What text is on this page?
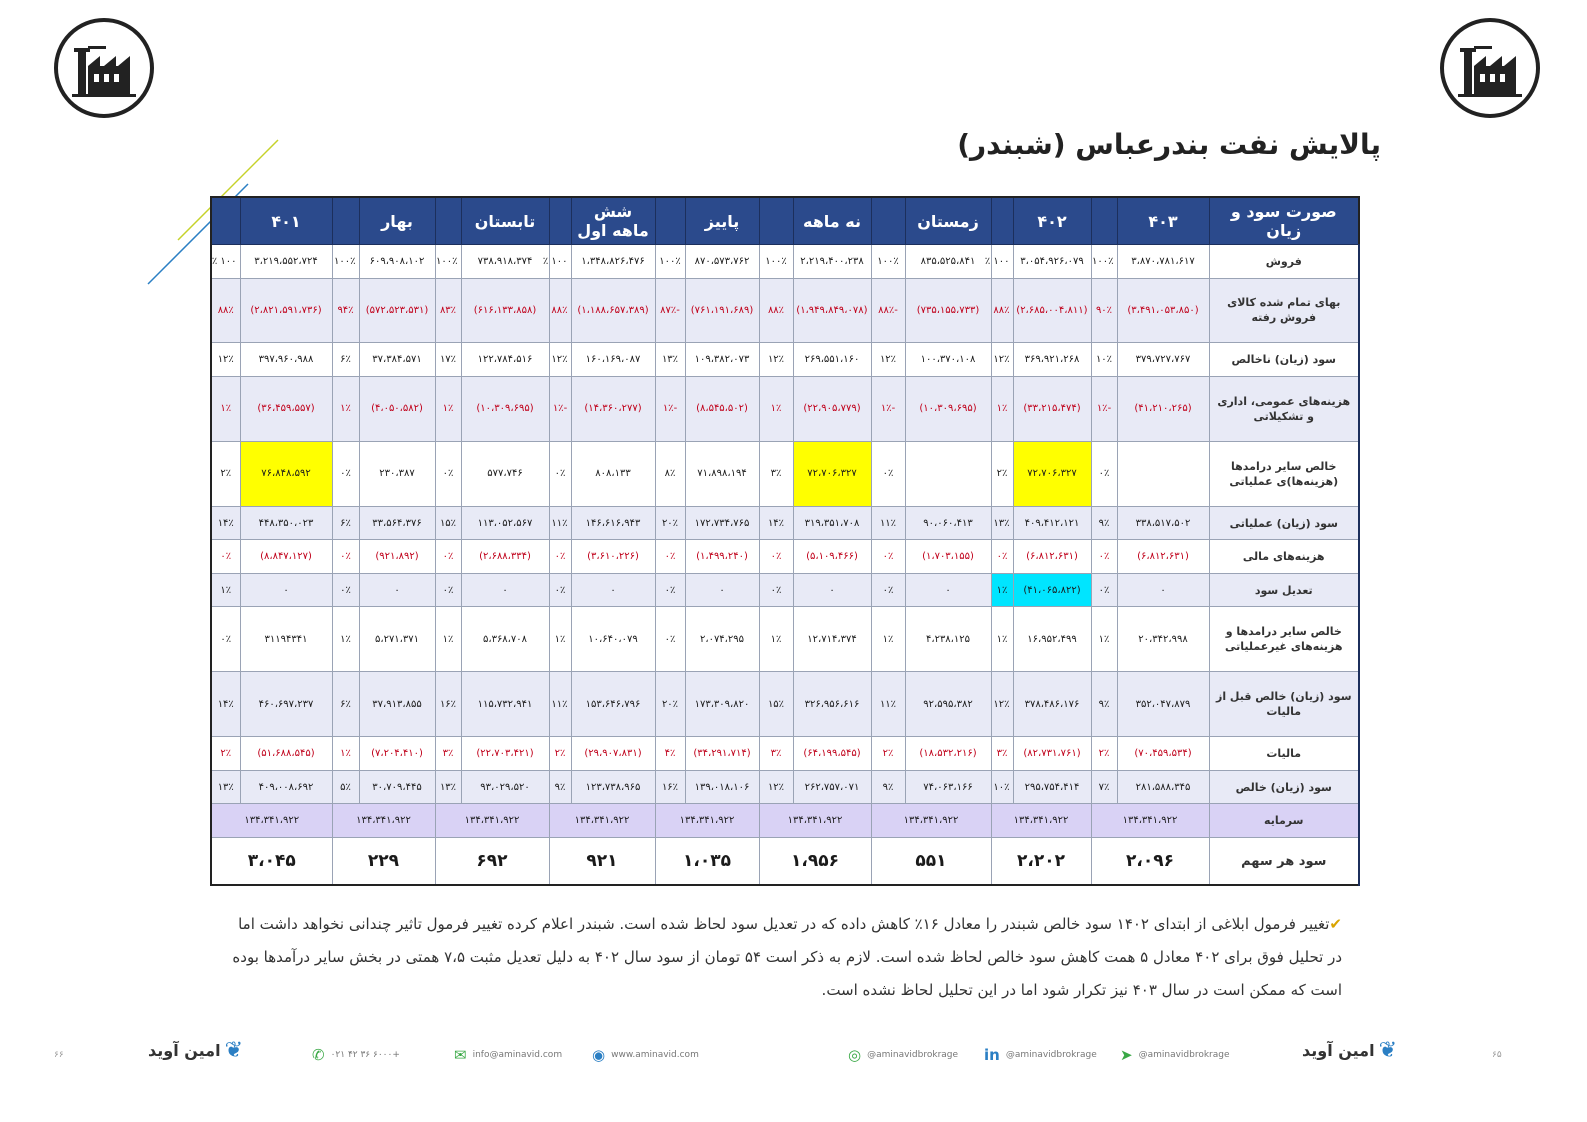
پالایش نفت بندرعباس (شبندر)
صورت سود و زیان	۴۰۳		۴۰۲		زمستان		نه ماهه		پاییز		شش ماهه اول		تابستان		بهار		۴۰۱	
فروش	۳،۸۷۰،۷۸۱،۶۱۷	۱۰۰٪	۳،۰۵۴،۹۲۶،۰۷۹	۱۰۰ ٪	۸۳۵،۵۲۵،۸۴۱	۱۰۰٪	۲،۲۱۹،۴۰۰،۲۳۸	۱۰۰٪	۸۷۰،۵۷۳،۷۶۲	۱۰۰٪	۱،۳۴۸،۸۲۶،۴۷۶	۱۰۰ ٪	۷۳۸،۹۱۸،۳۷۴	۱۰۰٪	۶۰۹،۹۰۸،۱۰۲	۱۰۰٪	۳،۲۱۹،۵۵۲،۷۲۴	۱۰۰ ٪
بهای تمام شده کالای فروش رفته	(۳،۴۹۱،۰۵۳،۸۵۰)	۹۰٪	(۲،۶۸۵،۰۰۴،۸۱۱)	۸۸٪	(۷۳۵،۱۵۵،۷۳۳)	-۸۸٪	(۱،۹۴۹،۸۴۹،۰۷۸)	۸۸٪	(۷۶۱،۱۹۱،۶۸۹)	-۸۷٪	(۱،۱۸۸،۶۵۷،۳۸۹)	۸۸٪	(۶۱۶،۱۳۳،۸۵۸)	۸۳٪	(۵۷۲،۵۲۳،۵۳۱)	۹۴٪	(۲،۸۲۱،۵۹۱،۷۳۶)	۸۸٪
سود (زیان) ناخالص	۳۷۹،۷۲۷،۷۶۷	۱۰٪	۳۶۹،۹۲۱،۲۶۸	۱۲٪	۱۰۰،۳۷۰،۱۰۸	۱۲٪	۲۶۹،۵۵۱،۱۶۰	۱۲٪	۱۰۹،۳۸۲،۰۷۳	۱۳٪	۱۶۰،۱۶۹،۰۸۷	۱۲٪	۱۲۲،۷۸۴،۵۱۶	۱۷٪	۳۷،۳۸۴،۵۷۱	۶٪	۳۹۷،۹۶۰،۹۸۸	۱۲٪
هزینه‌های عمومی، اداری و تشکیلاتی	(۴۱،۲۱۰،۲۶۵)	-۱٪	(۳۳،۲۱۵،۴۷۴)	۱٪	(۱۰،۳۰۹،۶۹۵)	-۱٪	(۲۲،۹۰۵،۷۷۹)	۱٪	(۸،۵۴۵،۵۰۲)	-۱٪	(۱۴،۳۶۰،۲۷۷)	-۱٪	(۱۰،۳۰۹،۶۹۵)	۱٪	(۴،۰۵۰،۵۸۲)	۱٪	(۳۶،۴۵۹،۵۵۷)	۱٪
خالص سایر درامدها (هزینه‌ها)ی عملیاتی		۰٪	۷۲،۷۰۶،۳۲۷	۲٪		۰٪	۷۲،۷۰۶،۳۲۷	۳٪	۷۱،۸۹۸،۱۹۴	۸٪	۸۰۸،۱۳۳	۰٪	۵۷۷،۷۴۶	۰٪	۲۳۰،۳۸۷	۰٪	۷۶،۸۴۸،۵۹۲	۲٪
سود (زیان) عملیاتی	۳۳۸،۵۱۷،۵۰۲	۹٪	۴۰۹،۴۱۲،۱۲۱	۱۳٪	۹۰،۰۶۰،۴۱۳	۱۱٪	۳۱۹،۳۵۱،۷۰۸	۱۴٪	۱۷۲،۷۳۴،۷۶۵	۲۰٪	۱۴۶،۶۱۶،۹۴۳	۱۱٪	۱۱۳،۰۵۲،۵۶۷	۱۵٪	۳۳،۵۶۴،۳۷۶	۶٪	۴۴۸،۳۵۰،۰۲۳	۱۴٪
هزینه‌های مالی	(۶،۸۱۲،۶۳۱)	۰٪	(۶،۸۱۲،۶۳۱)	۰٪	(۱،۷۰۳،۱۵۵)	۰٪	(۵،۱۰۹،۴۶۶)	۰٪	(۱،۴۹۹،۲۴۰)	۰٪	(۳،۶۱۰،۲۲۶)	۰٪	(۲،۶۸۸،۳۳۴)	۰٪	(۹۲۱،۸۹۲)	۰٪	(۸،۸۴۷،۱۲۷)	۰٪
تعدیل سود	۰	۰٪	(۴۱،۰۶۵،۸۲۲)	۱٪	۰	۰٪	۰	۰٪	۰	۰٪	۰	۰٪	۰	۰٪	۰	۰٪	۰	۱٪
خالص سایر درامدها و هزینه‌های غیرعملیاتی	۲۰،۳۴۲،۹۹۸	۱٪	۱۶،۹۵۲،۴۹۹	۱٪	۴،۲۳۸،۱۲۵	۱٪	۱۲،۷۱۴،۳۷۴	۱٪	۲،۰۷۴،۲۹۵	۰٪	۱۰،۶۴۰،۰۷۹	۱٪	۵،۳۶۸،۷۰۸	۱٪	۵،۲۷۱،۳۷۱	۱٪	۳۱۱۹۴۳۴۱	۰٪
سود (زیان) خالص قبل از مالیات	۳۵۲،۰۴۷،۸۷۹	۹٪	۳۷۸،۴۸۶،۱۷۶	۱۲٪	۹۲،۵۹۵،۳۸۲	۱۱٪	۳۲۶،۹۵۶،۶۱۶	۱۵٪	۱۷۳،۳۰۹،۸۲۰	۲۰٪	۱۵۳،۶۴۶،۷۹۶	۱۱٪	۱۱۵،۷۳۲،۹۴۱	۱۶٪	۳۷،۹۱۳،۸۵۵	۶٪	۴۶۰،۶۹۷،۲۳۷	۱۴٪
مالیات	(۷۰،۴۵۹،۵۳۴)	۲٪	(۸۲،۷۳۱،۷۶۱)	۳٪	(۱۸،۵۳۲،۲۱۶)	۲٪	(۶۴،۱۹۹،۵۴۵)	۳٪	(۳۴،۲۹۱،۷۱۴)	۴٪	(۲۹،۹۰۷،۸۳۱)	۲٪	(۲۲،۷۰۳،۴۲۱)	۳٪	(۷،۲۰۴،۴۱۰)	۱٪	(۵۱،۶۸۸،۵۴۵)	۲٪
سود (زیان) خالص	۲۸۱،۵۸۸،۳۴۵	۷٪	۲۹۵،۷۵۴،۴۱۴	۱۰٪	۷۴،۰۶۳،۱۶۶	۹٪	۲۶۲،۷۵۷،۰۷۱	۱۲٪	۱۳۹،۰۱۸،۱۰۶	۱۶٪	۱۲۳،۷۳۸،۹۶۵	۹٪	۹۳،۰۲۹،۵۲۰	۱۳٪	۳۰،۷۰۹،۴۴۵	۵٪	۴۰۹،۰۰۸،۶۹۲	۱۳٪
سرمایه	۱۳۴،۳۴۱،۹۲۲		۱۳۴،۳۴۱،۹۲۲		۱۳۴،۳۴۱،۹۲۲		۱۳۴،۳۴۱،۹۲۲		۱۳۴،۳۴۱،۹۲۲		۱۳۴،۳۴۱،۹۲۲		۱۳۴،۳۴۱،۹۲۲		۱۳۴،۳۴۱،۹۲۲		۱۳۴،۳۴۱،۹۲۲	
سود هر سهم	۲،۰۹۶		۲،۲۰۲		۵۵۱		۱،۹۵۶		۱،۰۳۵		۹۲۱		۶۹۲		۲۲۹		۳،۰۴۵	

✔تغییر فرمول ابلاغی از ابتدای ۱۴۰۲ سود خالص شبندر را معادل ۱۶٪ کاهش داده که در تعدیل سود لحاظ شده است. شبندر اعلام کرده تغییر فرمول تاثیر چندانی نخواهد داشت اما در تحلیل فوق برای ۴۰۲ معادل ۵ همت کاهش سود خالص لحاظ شده است. لازم به ذکر است ۵۴ تومان از سود سال ۴۰۲ به دلیل تعدیل مثبت ۷،۵ همتی در بخش سایر درآمدها بوده است که ممکن است در سال ۴۰۳ نیز تکرار شود اما در این تحلیل لحاظ نشده است.

۶۶	❦
امین آوید	✆ ۰۲۱ ۴۲ ۳۶ ۶۰۰۰+	✉ info@aminavid.com ◉ www.aminavid.com	◎ @aminavidbrokrage in @aminavidbrokrage ➤ @aminavidbrokrage	❦
امین آوید	۶۵
